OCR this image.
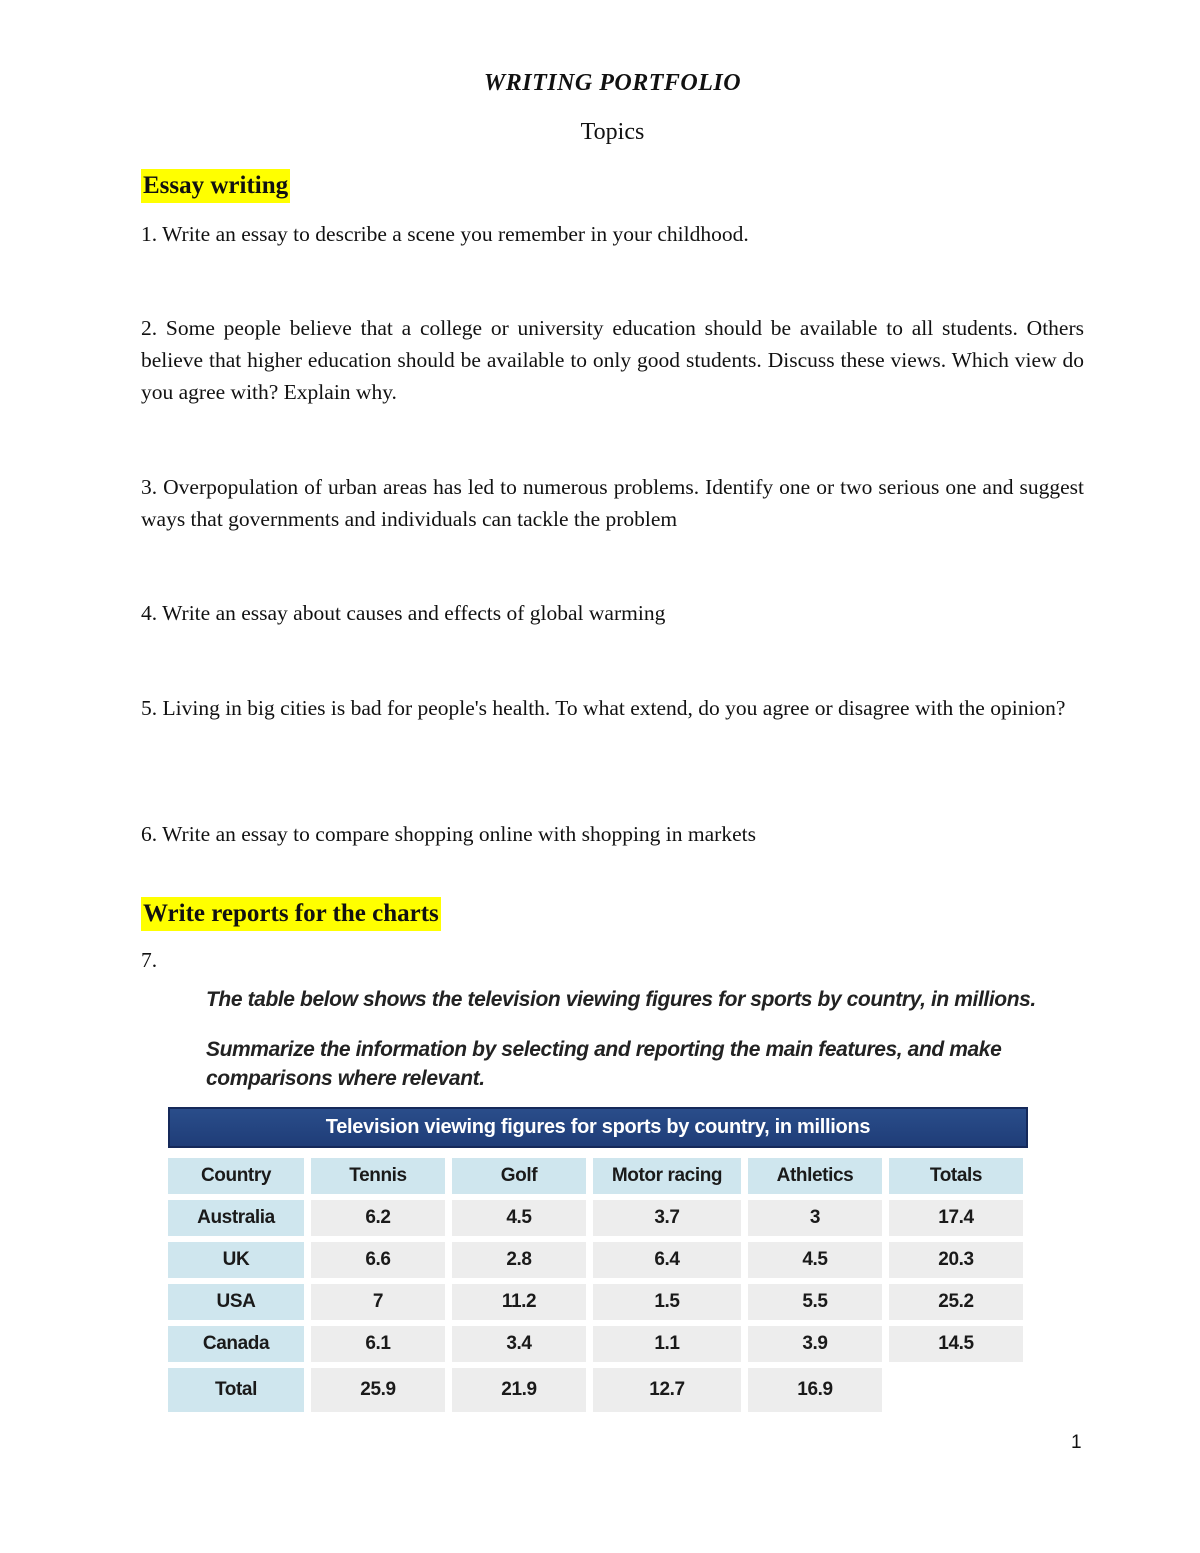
WRITING PORTFOLIO
Topics
Essay writing
1. Write an essay to describe a scene you remember in your childhood.
2. Some people believe that a college or university education should be available to all students. Others believe that higher education should be available to only good students. Discuss these views. Which view do you agree with? Explain why.
3. Overpopulation of urban areas has led to numerous problems. Identify one or two serious one and suggest ways that governments and individuals can tackle the problem
4. Write an essay about causes and effects of global warming
5. Living in big cities is bad for people's health. To what extend, do you agree or disagree with the opinion?
6. Write an essay to compare shopping online with shopping in markets
Write reports for the charts
7.
The table below shows the television viewing figures for sports by country, in millions.
Summarize the information by selecting and reporting the main features, and make comparisons where relevant.
Television viewing figures for sports by country, in millions
Country	Tennis	Golf	Motor racing	Athletics	Totals
Australia	6.2	4.5	3.7	3	17.4
UK	6.6	2.8	6.4	4.5	20.3
USA	7	11.2	1.5	5.5	25.2
Canada	6.1	3.4	1.1	3.9	14.5
Total	25.9	21.9	12.7	16.9
1
